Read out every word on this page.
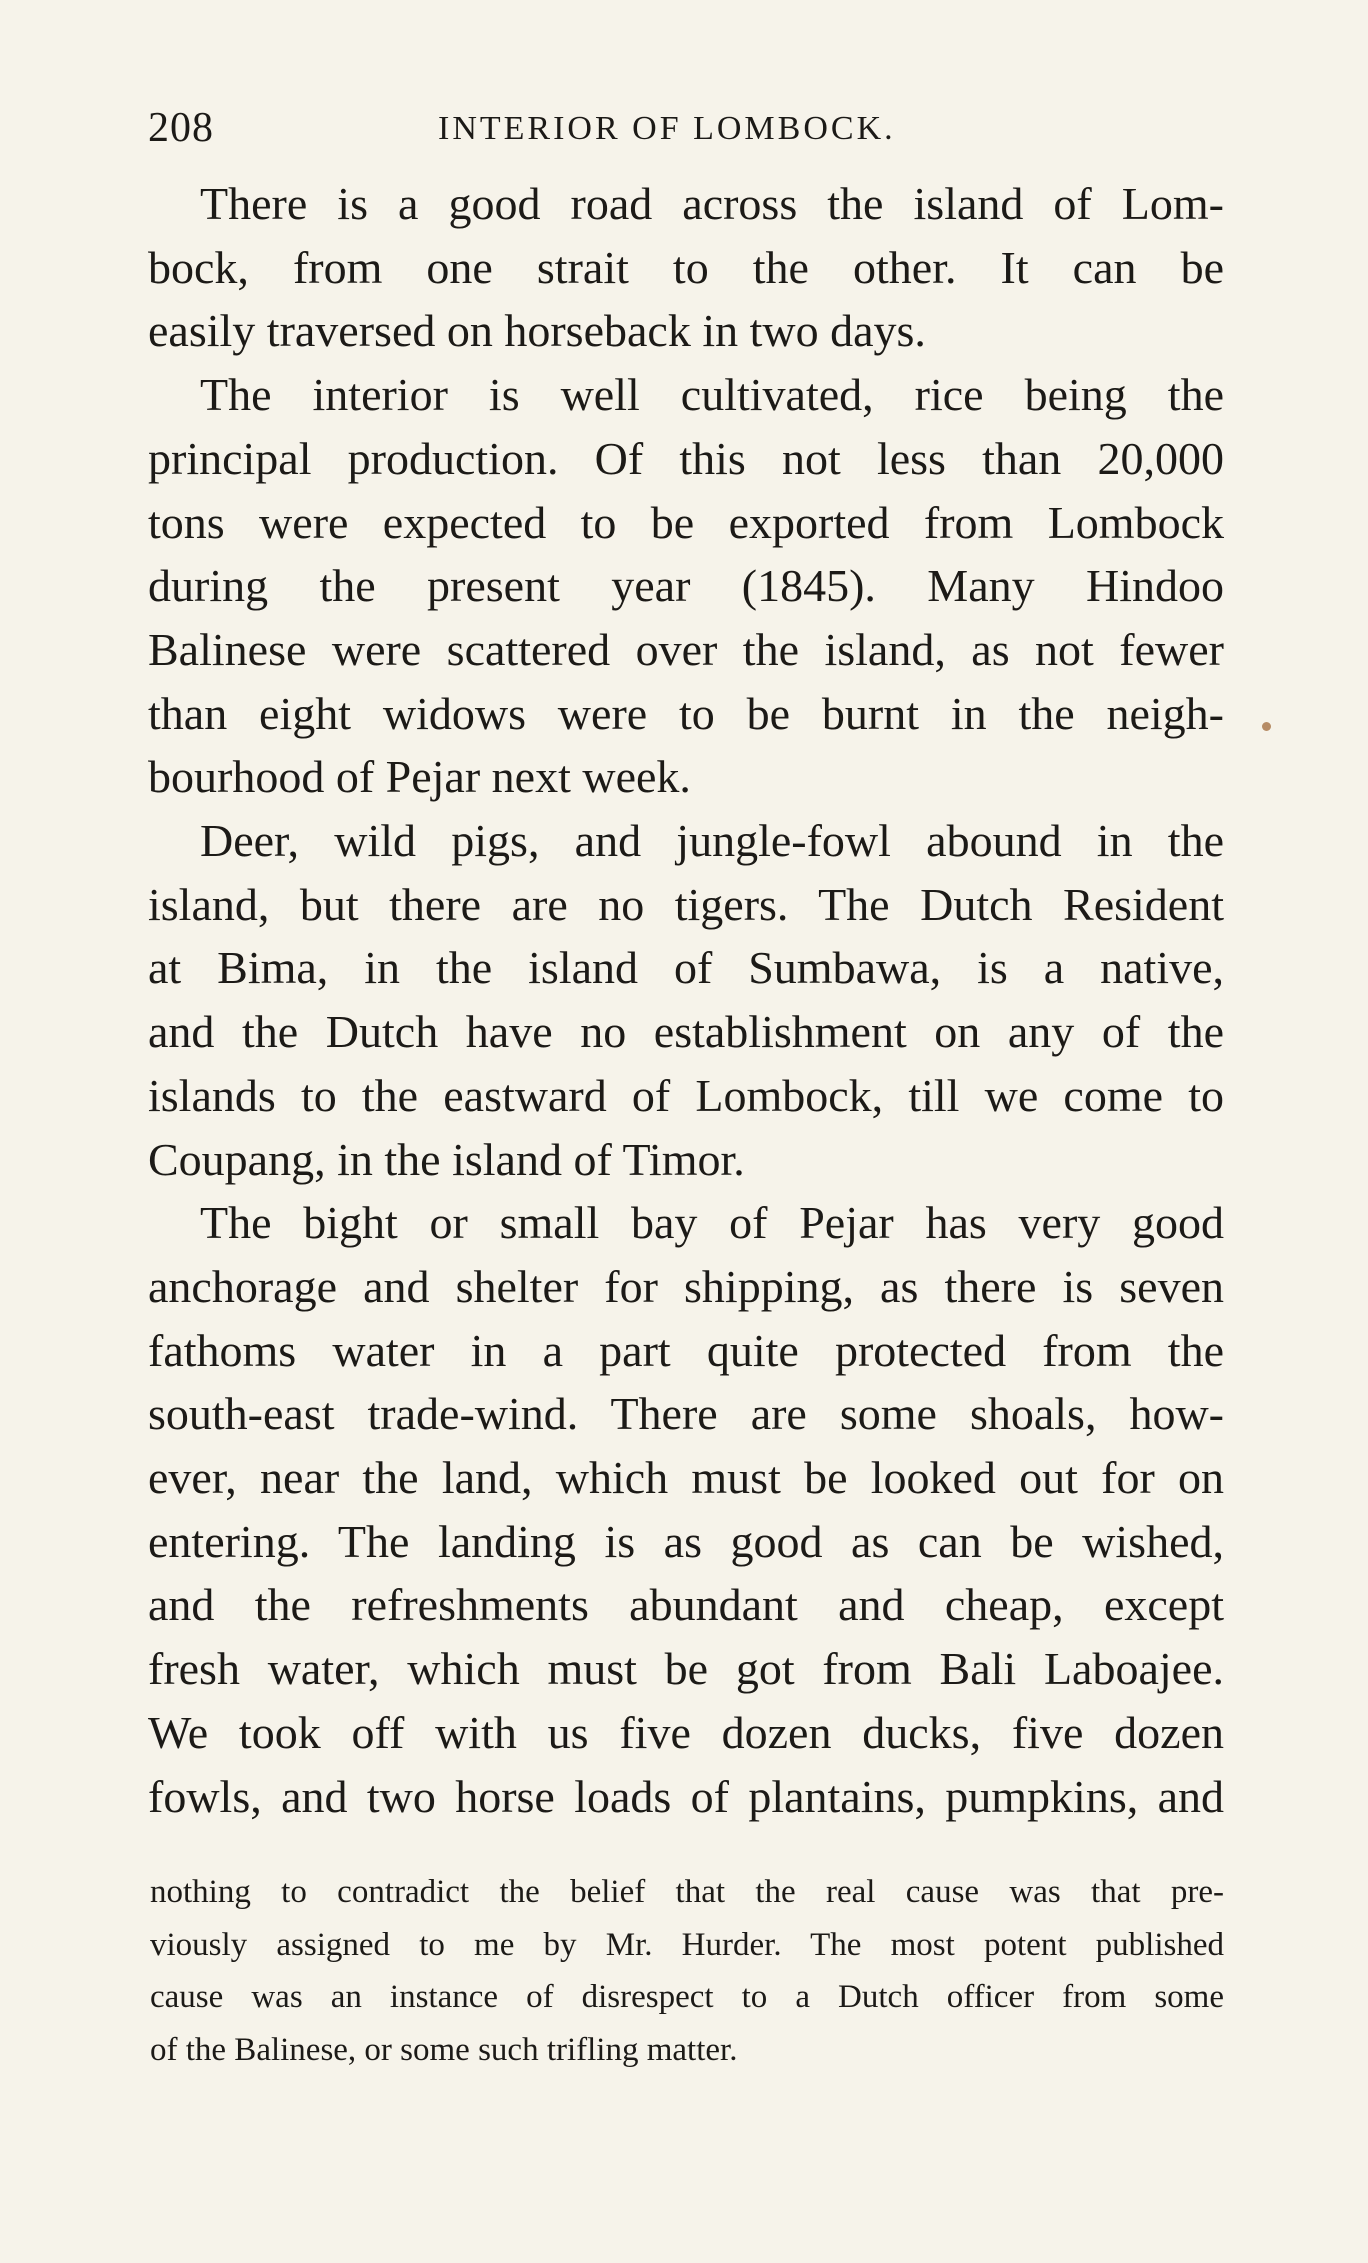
208	INTERIOR OF LOMBOCK.

There is a good road across the island of Lom-
bock, from one strait to the other. It can be
easily traversed on horseback in two days.

The interior is well cultivated, rice being the
principal production. Of this not less than 20,000
tons were expected to be exported from Lombock
during the present year (1845). Many Hindoo
Balinese were scattered over the island, as not fewer
than eight widows were to be burnt in the neigh-
bourhood of Pejar next week.

Deer, wild pigs, and jungle-fowl abound in the
island, but there are no tigers. The Dutch Resident
at Bima, in the island of Sumbawa, is a native,
and the Dutch have no establishment on any of the
islands to the eastward of Lombock, till we come to
Coupang, in the island of Timor.

The bight or small bay of Pejar has very good
anchorage and shelter for shipping, as there is seven
fathoms water in a part quite protected from the
south-east trade-wind. There are some shoals, how-
ever, near the land, which must be looked out for on
entering. The landing is as good as can be wished,
and the refreshments abundant and cheap, except
fresh water, which must be got from Bali Laboajee.
We took off with us five dozen ducks, five dozen
fowls, and two horse loads of plantains, pumpkins, and

nothing to contradict the belief that the real cause was that pre-
viously assigned to me by Mr. Hurder. The most potent published
cause was an instance of disrespect to a Dutch officer from some
of the Balinese, or some such trifling matter.
